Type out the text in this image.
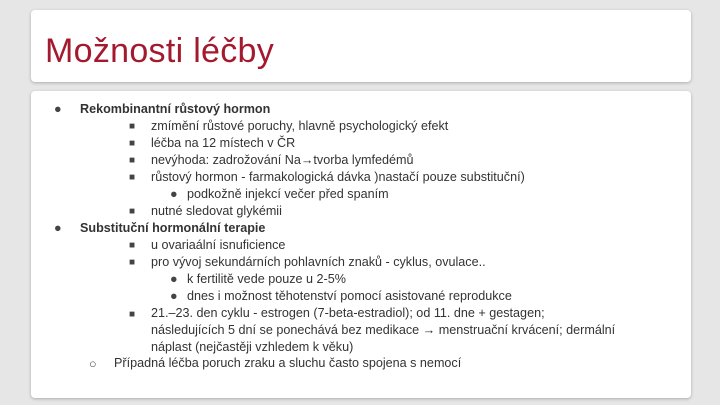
Možnosti léčby
● Rekombinantní růstový hormon
■ zmímění růstové poruchy, hlavně psychologický efekt
■ léčba na 12 místech v ČR
■ nevýhoda: zadrožování Na→tvorba lymfedémů
■ růstový hormon - farmakologická dávka )nastačí pouze substituční)
● podkožně injekcí večer před spaním
■ nutné sledovat glykémii
● Substituční hormonální terapie
■ u ovariaální isnuficience
■ pro vývoj sekundárních pohlavních znaků - cyklus, ovulace..
● k fertilitě vede pouze u 2-5%
● dnes i možnost těhotenství pomocí asistované reprodukce
■ 21.–23. den cyklu - estrogen (7-beta-estradiol); od 11. dne + gestagen;
následujících 5 dní se ponechává bez medikace → menstruační krvácení; dermální
náplast (nejčastěji vzhledem k věku)
○ Případná léčba poruch zraku a sluchu často spojena s nemocí
